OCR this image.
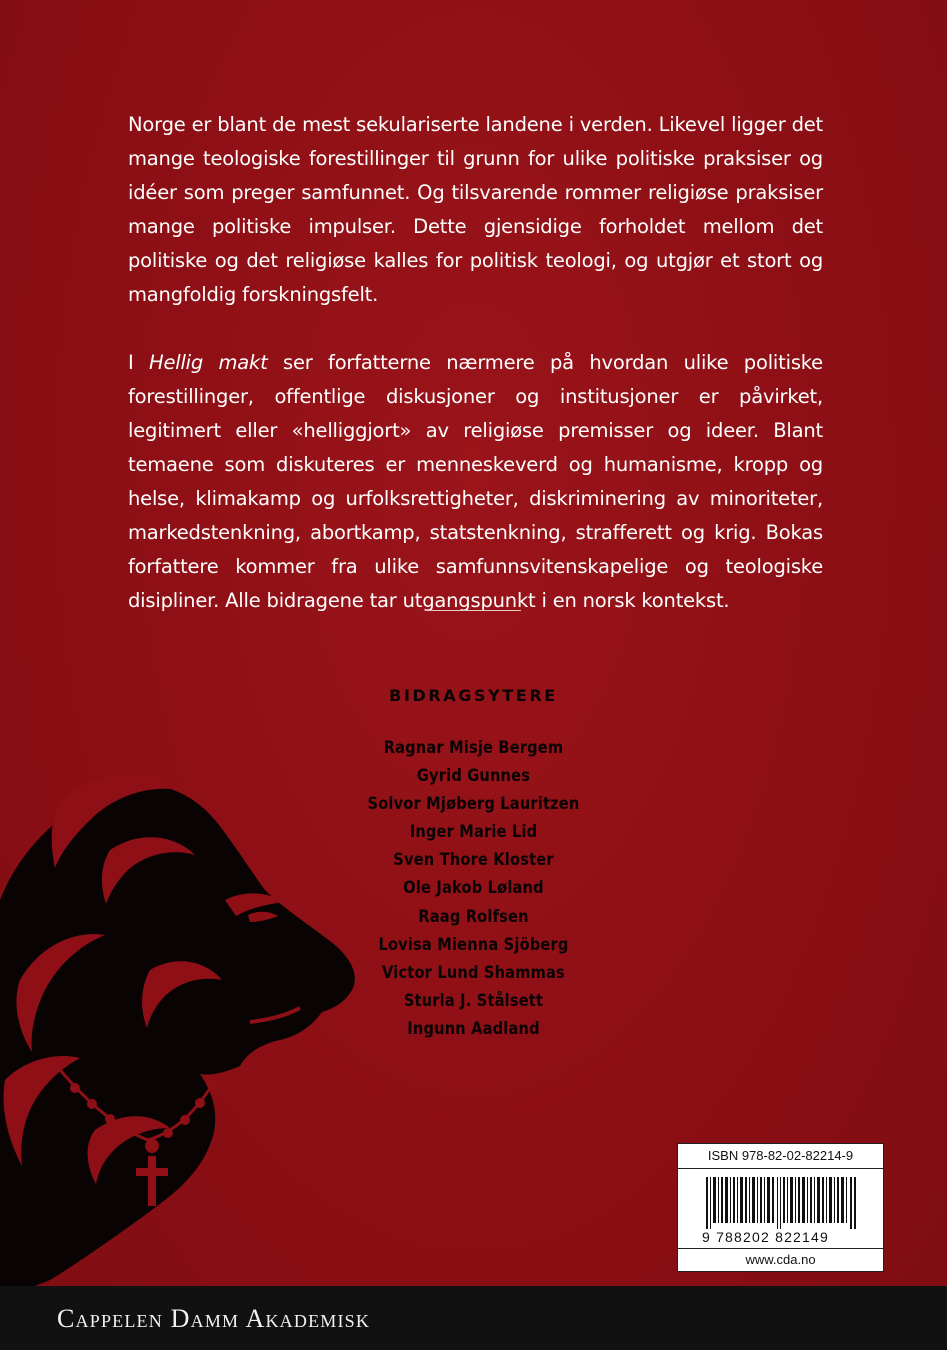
Norge er blant de mest sekulariserte landene i verden. Likevel ligger det mange teologiske forestillinger til grunn for ulike politiske praksiser og idéer som preger samfunnet. Og tilsvarende rommer religiøse praksiser mange politiske impulser. Dette gjensidige forholdet mellom det politiske og det religiøse kalles for politisk teologi, og utgjør et stort og mangfoldig forskningsfelt.

I Hellig makt ser forfatterne nærmere på hvordan ulike politiske forestillinger, offentlige diskusjoner og institusjoner er påvirket, legitimert eller «helliggjort» av religiøse premisser og ideer. Blant temaene som diskuteres er menneskeverd og humanisme, kropp og helse, klimakamp og urfolksrettigheter, diskriminering av minoriteter, markedstenkning, abortkamp, statstenkning, strafferett og krig. Bokas forfattere kommer fra ulike samfunnsvitenskapelige og teologiske disipliner. Alle bidragene tar utgangspunkt i en norsk kontekst.

BIDRAGSYTERE
Ragnar Misje Bergem
Gyrid Gunnes
Solvor Mjøberg Lauritzen
Inger Marie Lid
Sven Thore Kloster
Ole Jakob Løland
Raag Rolfsen
Lovisa Mienna Sjöberg
Victor Lund Shammas
Sturla J. Stålsett
Ingunn Aadland
ISBN 978-82-02-82214-9
9 788202 822149
www.cda.no
Cappelen Damm Akademisk
